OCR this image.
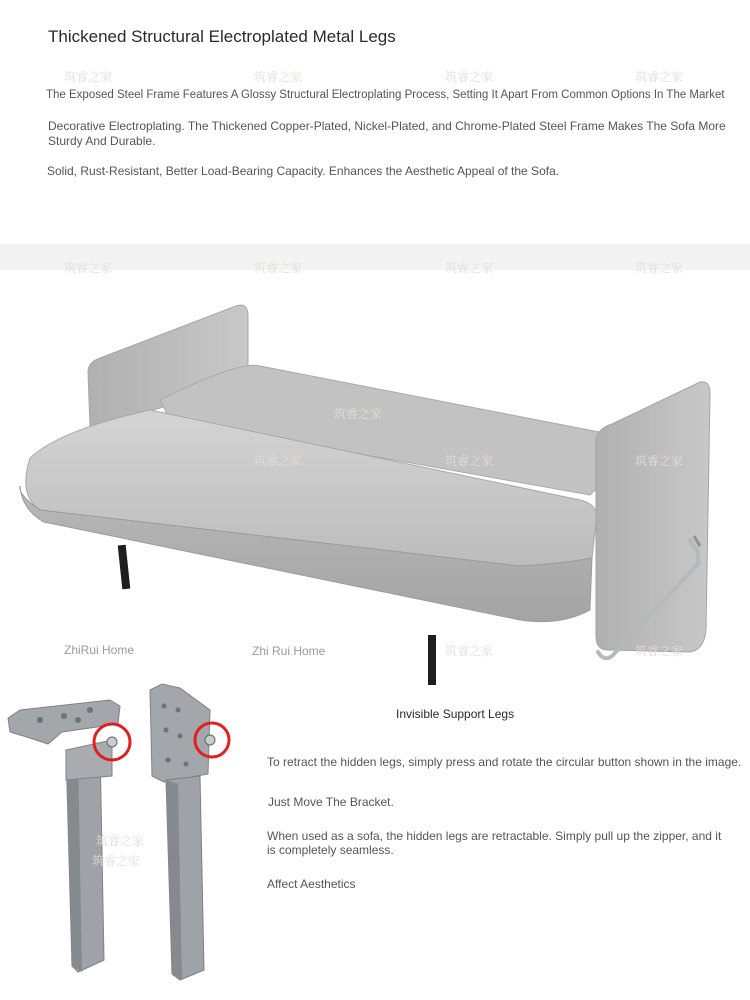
Thickened Structural Electroplated Metal Legs

The Exposed Steel Frame Features A Glossy Structural Electroplating Process, Setting It Apart From Common Options In The Market

Decorative Electroplating. The Thickened Copper-Plated, Nickel-Plated, and Chrome-Plated Steel Frame Makes The Sofa More Sturdy And Durable.

Solid, Rust-Resistant, Better Load-Bearing Capacity. Enhances the Aesthetic Appeal of the Sofa.

筑睿之家	筑睿之家	筑睿之家	筑睿之家
筑睿之家	筑睿之家	筑睿之家	筑睿之家
筑睿之家
筑睿之家	筑睿之家	筑睿之家
筑睿之家	筑睿之家
ZhiRui Home	Zhi Rui Home
筑睿之家
筑睿之家

Invisible Support Legs

To retract the hidden legs, simply press and rotate the circular button shown in the image.

Just Move The Bracket.

When used as a sofa, the hidden legs are retractable. Simply pull up the zipper, and it is completely seamless.

Affect Aesthetics
